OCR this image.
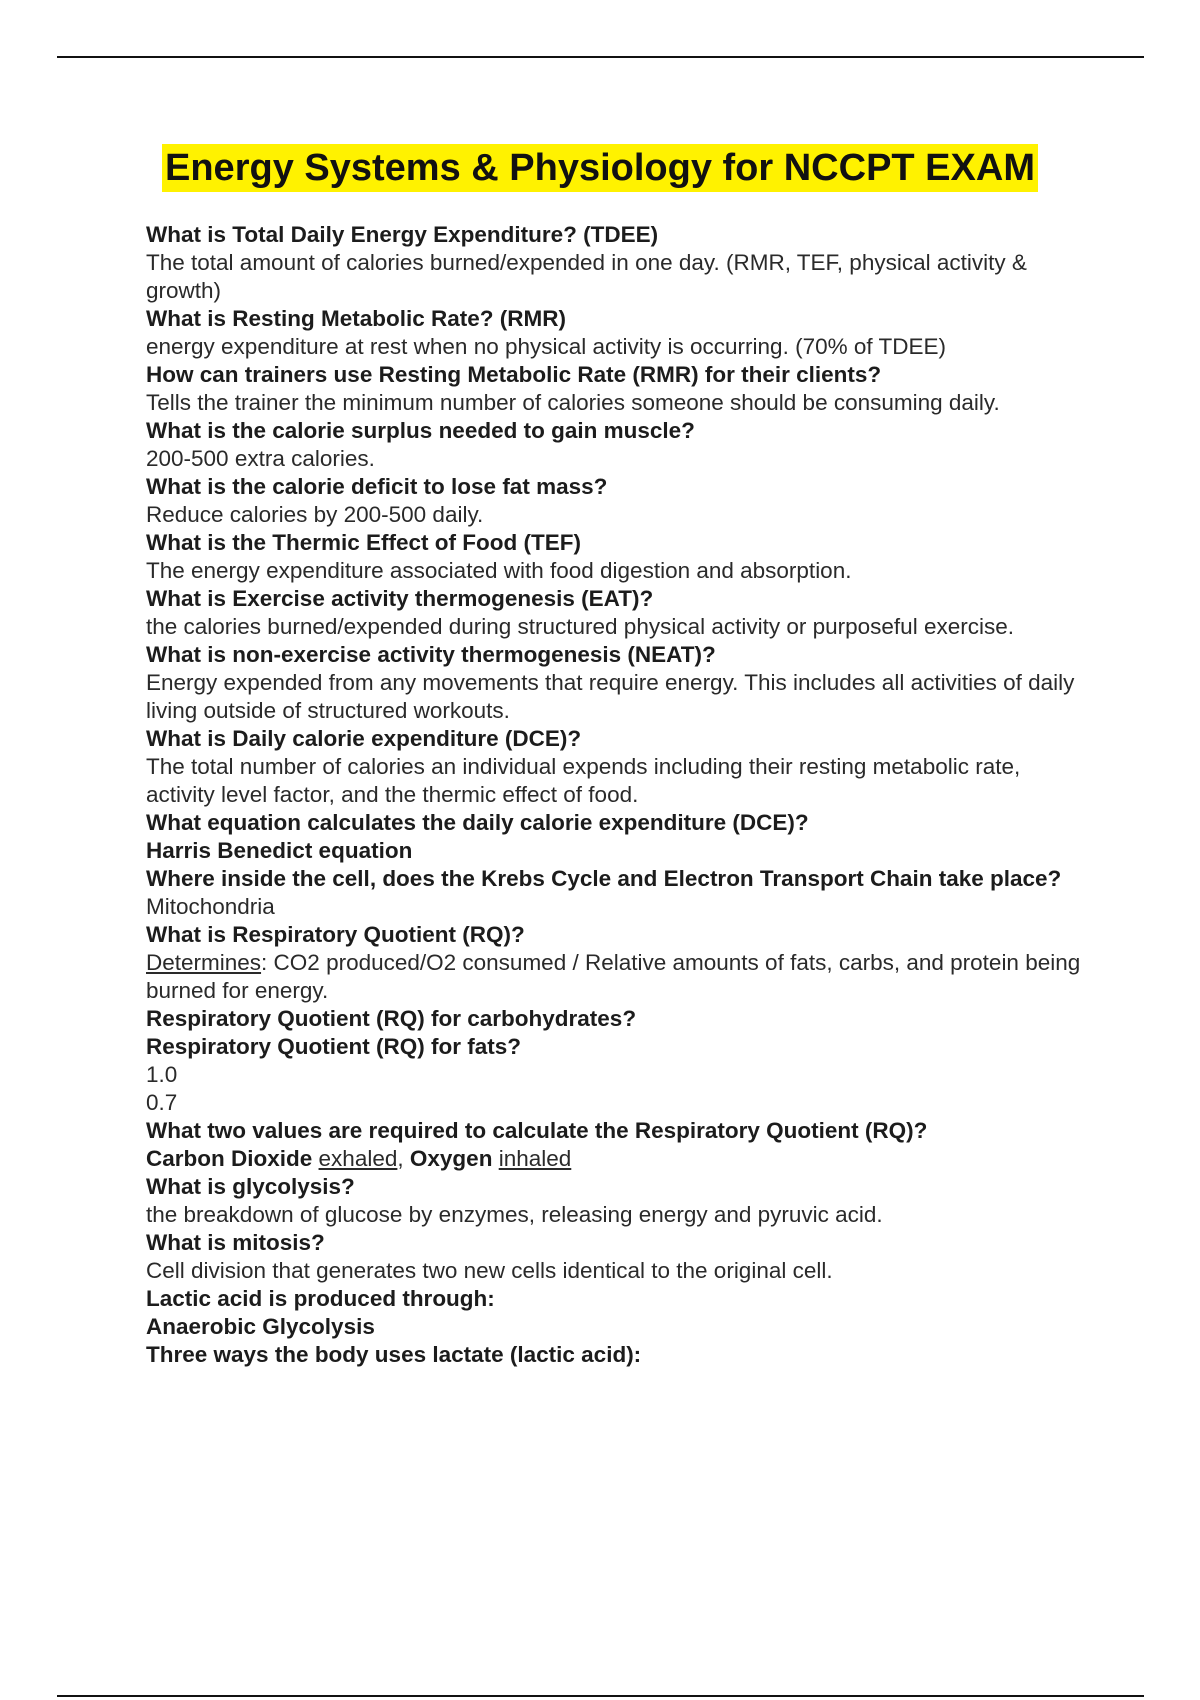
Energy Systems & Physiology for NCCPT EXAM
What is Total Daily Energy Expenditure? (TDEE)
The total amount of calories burned/expended in one day. (RMR, TEF, physical activity & growth)
What is Resting Metabolic Rate? (RMR)
energy expenditure at rest when no physical activity is occurring. (70% of TDEE)
How can trainers use Resting Metabolic Rate (RMR) for their clients?
Tells the trainer the minimum number of calories someone should be consuming daily.
What is the calorie surplus needed to gain muscle?
200-500 extra calories.
What is the calorie deficit to lose fat mass?
Reduce calories by 200-500 daily.
What is the Thermic Effect of Food (TEF)
The energy expenditure associated with food digestion and absorption.
What is Exercise activity thermogenesis (EAT)?
the calories burned/expended during structured physical activity or purposeful exercise.
What is non-exercise activity thermogenesis (NEAT)?
Energy expended from any movements that require energy. This includes all activities of daily living outside of structured workouts.
What is Daily calorie expenditure (DCE)?
The total number of calories an individual expends including their resting metabolic rate, activity level factor, and the thermic effect of food.
What equation calculates the daily calorie expenditure (DCE)?
Harris Benedict equation
Where inside the cell, does the Krebs Cycle and Electron Transport Chain take place?
Mitochondria
What is Respiratory Quotient (RQ)?
Determines: CO2 produced/O2 consumed / Relative amounts of fats, carbs, and protein being burned for energy.
Respiratory Quotient (RQ) for carbohydrates?
Respiratory Quotient (RQ) for fats?
1.0
0.7
What two values are required to calculate the Respiratory Quotient (RQ)?
Carbon Dioxide exhaled, Oxygen inhaled
What is glycolysis?
the breakdown of glucose by enzymes, releasing energy and pyruvic acid.
What is mitosis?
Cell division that generates two new cells identical to the original cell.
Lactic acid is produced through:
Anaerobic Glycolysis
Three ways the body uses lactate (lactic acid):
